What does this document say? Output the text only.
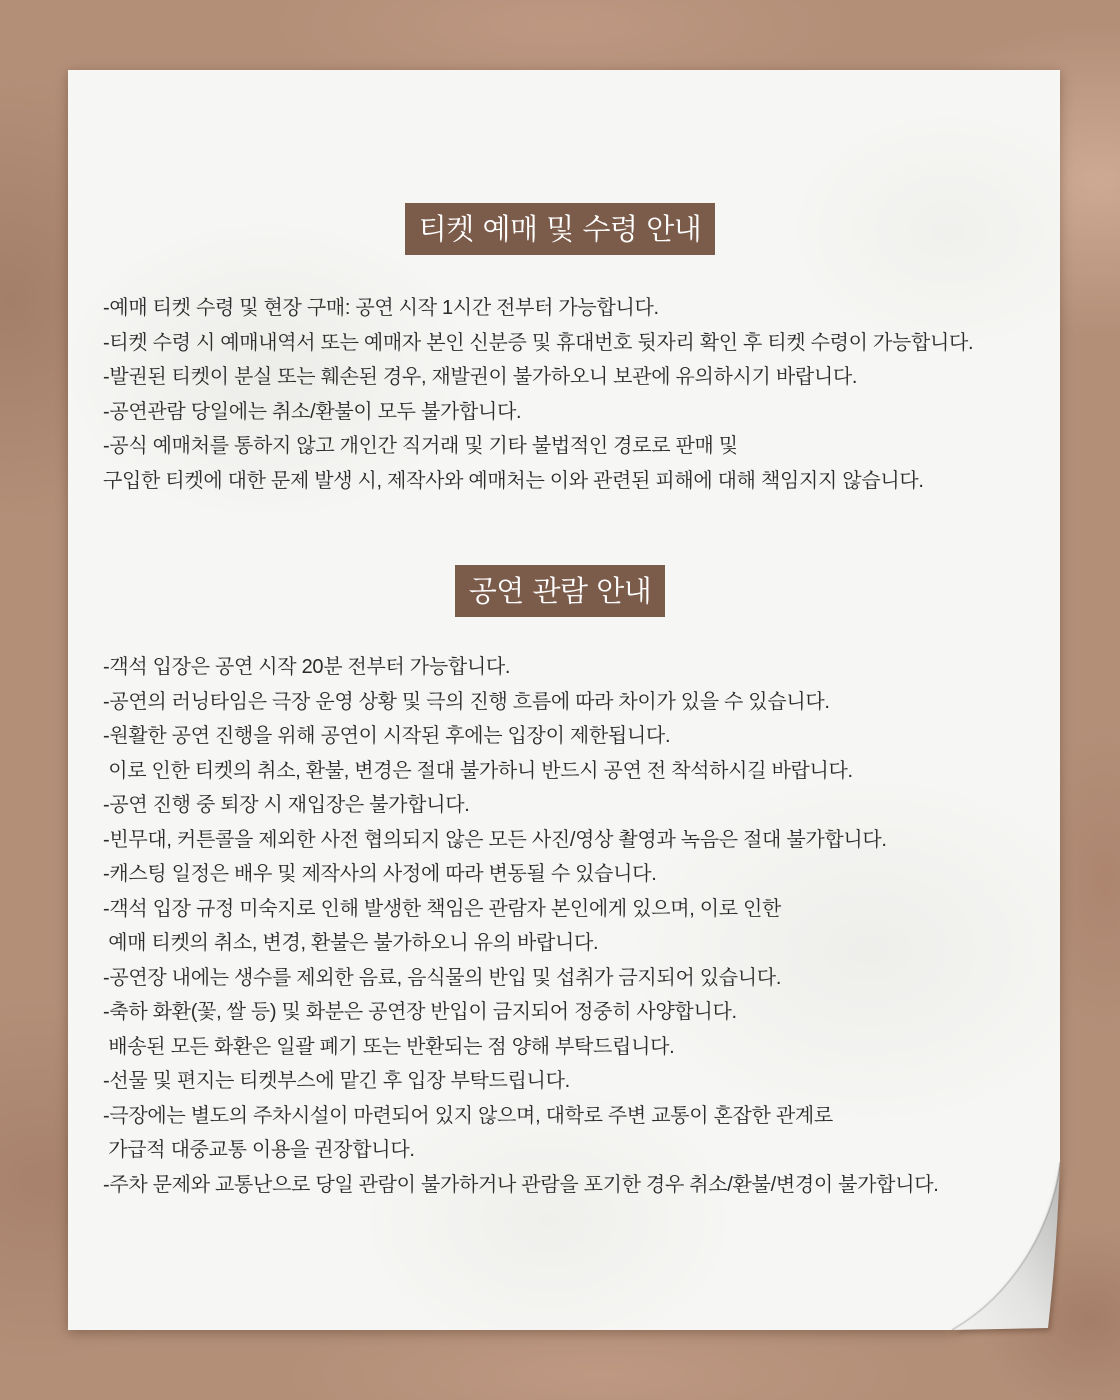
티켓 예매 및 수령 안내
-예매 티켓 수령 및 현장 구매: 공연 시작 1시간 전부터 가능합니다.
-티켓 수령 시 예매내역서 또는 예매자 본인 신분증 및 휴대번호 뒷자리 확인 후 티켓 수령이 가능합니다.
-발권된 티켓이 분실 또는 훼손된 경우, 재발권이 불가하오니 보관에 유의하시기 바랍니다.
-공연관람 당일에는 취소/환불이 모두 불가합니다.
-공식 예매처를 통하지 않고 개인간 직거래 및 기타 불법적인 경로로 판매 및
구입한 티켓에 대한 문제 발생 시, 제작사와 예매처는 이와 관련된 피해에 대해 책임지지 않습니다.
공연 관람 안내
-객석 입장은 공연 시작 20분 전부터 가능합니다.
-공연의 러닝타임은 극장 운영 상황 및 극의 진행 흐름에 따라 차이가 있을 수 있습니다.
-원활한 공연 진행을 위해 공연이 시작된 후에는 입장이 제한됩니다.
이로 인한 티켓의 취소, 환불, 변경은 절대 불가하니 반드시 공연 전 착석하시길 바랍니다.
-공연 진행 중 퇴장 시 재입장은 불가합니다.
-빈무대, 커튼콜을 제외한 사전 협의되지 않은 모든 사진/영상 촬영과 녹음은 절대 불가합니다.
-캐스팅 일정은 배우 및 제작사의 사정에 따라 변동될 수 있습니다.
-객석 입장 규정 미숙지로 인해 발생한 책임은 관람자 본인에게 있으며, 이로 인한
예매 티켓의 취소, 변경, 환불은 불가하오니 유의 바랍니다.
-공연장 내에는 생수를 제외한 음료, 음식물의 반입 및 섭취가 금지되어 있습니다.
-축하 화환(꽃, 쌀 등) 및 화분은 공연장 반입이 금지되어 정중히 사양합니다.
배송된 모든 화환은 일괄 폐기 또는 반환되는 점 양해 부탁드립니다.
-선물 및 편지는 티켓부스에 맡긴 후 입장 부탁드립니다.
-극장에는 별도의 주차시설이 마련되어 있지 않으며, 대학로 주변 교통이 혼잡한 관계로
가급적 대중교통 이용을 권장합니다.
-주차 문제와 교통난으로 당일 관람이 불가하거나 관람을 포기한 경우 취소/환불/변경이 불가합니다.
